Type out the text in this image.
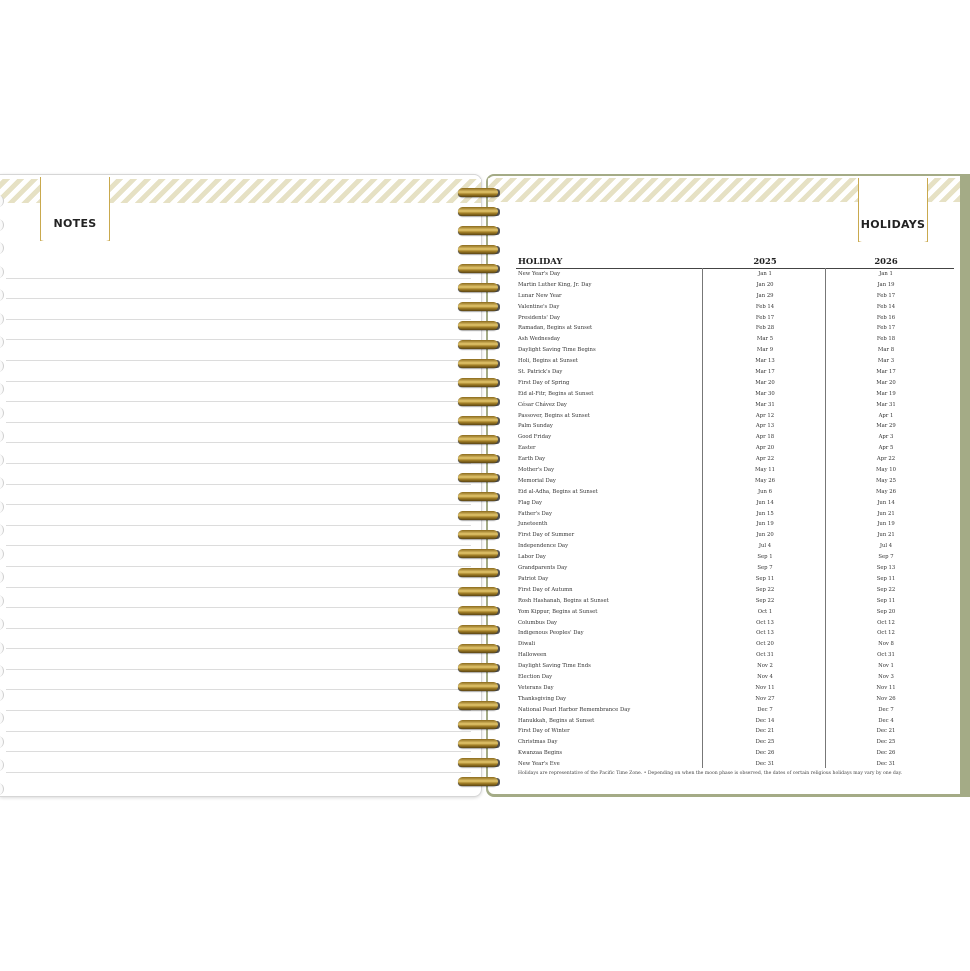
NOTES	HOLIDAYS
HOLIDAY	2025	2026
New Year's Day	Jan 1	Jan 1
Martin Luther King, Jr. Day	Jan 20	Jan 19
Lunar New Year	Jan 29	Feb 17
Valentine's Day	Feb 14	Feb 14
Presidents' Day	Feb 17	Feb 16
Ramadan, Begins at Sunset	Feb 28	Feb 17
Ash Wednesday	Mar 5	Feb 18
Daylight Saving Time Begins	Mar 9	Mar 8
Holi, Begins at Sunset	Mar 13	Mar 3
St. Patrick's Day	Mar 17	Mar 17
First Day of Spring	Mar 20	Mar 20
Eid al-Fitr, Begins at Sunset	Mar 30	Mar 19
César Chávez Day	Mar 31	Mar 31
Passover, Begins at Sunset	Apr 12	Apr 1
Palm Sunday	Apr 13	Mar 29
Good Friday	Apr 18	Apr 3
Easter	Apr 20	Apr 5
Earth Day	Apr 22	Apr 22
Mother's Day	May 11	May 10
Memorial Day	May 26	May 25
Eid al-Adha, Begins at Sunset	Jun 6	May 26
Flag Day	Jun 14	Jun 14
Father's Day	Jun 15	Jun 21
Juneteenth	Jun 19	Jun 19
First Day of Summer	Jun 20	Jun 21
Independence Day	Jul 4	Jul 4
Labor Day	Sep 1	Sep 7
Grandparents Day	Sep 7	Sep 13
Patriot Day	Sep 11	Sep 11
First Day of Autumn	Sep 22	Sep 22
Rosh Hashanah, Begins at Sunset	Sep 22	Sep 11
Yom Kippur, Begins at Sunset	Oct 1	Sep 20
Columbus Day	Oct 13	Oct 12
Indigenous Peoples' Day	Oct 13	Oct 12
Diwali	Oct 20	Nov 8
Halloween	Oct 31	Oct 31
Daylight Saving Time Ends	Nov 2	Nov 1
Election Day	Nov 4	Nov 3
Veterans Day	Nov 11	Nov 11
Thanksgiving Day	Nov 27	Nov 26
National Pearl Harbor Remembrance Day	Dec 7	Dec 7
Hanukkah, Begins at Sunset	Dec 14	Dec 4
First Day of Winter	Dec 21	Dec 21
Christmas Day	Dec 25	Dec 25
Kwanzaa Begins	Dec 26	Dec 26
New Year's Eve	Dec 31	Dec 31
Holidays are representative of the Pacific Time Zone. • Depending on when the moon phase is observed, the dates of certain religious holidays may vary by one day.
